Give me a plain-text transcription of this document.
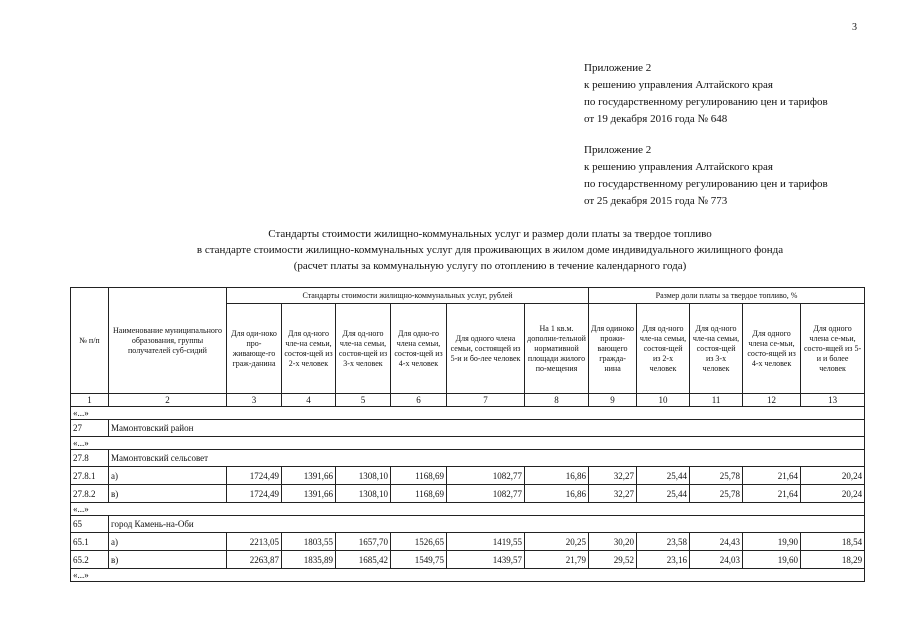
3
Приложение 2
к решению управления Алтайского края
по государственному регулированию цен и тарифов
от 19 декабря 2016 года № 648
Приложение 2
к решению управления Алтайского края
по государственному регулированию цен и тарифов
от 25 декабря 2015 года № 773
Стандарты стоимости жилищно-коммунальных услуг и размер доли платы за твердое топливо
в стандарте стоимости жилищно-коммунальных услуг для проживающих в жилом доме индивидуального жилищного фонда
(расчет платы за коммунальную услугу по отоплению в течение календарного года)
№ п/п	Наименование муниципального образования, группы получателей суб-сидий	Стандарты стоимости жилищно-коммунальных услуг, рублей						Размер доли платы за твердое топливо, %				
		Для оди-ноко про-живающе-го граж-данина	Для од-ного чле-на семьи, состоя-щей из 2-х человек	Для од-ного чле-на семьи, состоя-щей из 3-х человек	Для одно-го члена семьи, состоя-щей из 4-х человек	Для одного члена семьи, состоящей из 5-и и бо-лее человек	На 1 кв.м. дополни-тельной нормативной площади жилого по-мещения	Для одиноко прожи-вающего гражда-нина	Для од-ного чле-на семьи, состоя-щей из 2-х человек	Для од-ного чле-на семьи, состоя-щей из 3-х человек	Для одного члена се-мьи, состо-ящей из 4-х человек	Для одного члена се-мьи, состо-ящей из 5-и и более человек
1	2	3	4	5	6	7	8	9	10	11	12	13
«...»												
27	Мамонтовский район											
«...»												
27.8	Мамонтовский сельсовет											
27.8.1	а)	1724,49	1391,66	1308,10	1168,69	1082,77	16,86	32,27	25,44	25,78	21,64	20,24
27.8.2	в)	1724,49	1391,66	1308,10	1168,69	1082,77	16,86	32,27	25,44	25,78	21,64	20,24
«...»												
65	город Камень-на-Оби											
65.1	а)	2213,05	1803,55	1657,70	1526,65	1419,55	20,25	30,20	23,58	24,43	19,90	18,54
65.2	в)	2263,87	1835,89	1685,42	1549,75	1439,57	21,79	29,52	23,16	24,03	19,60	18,29
«...»												
